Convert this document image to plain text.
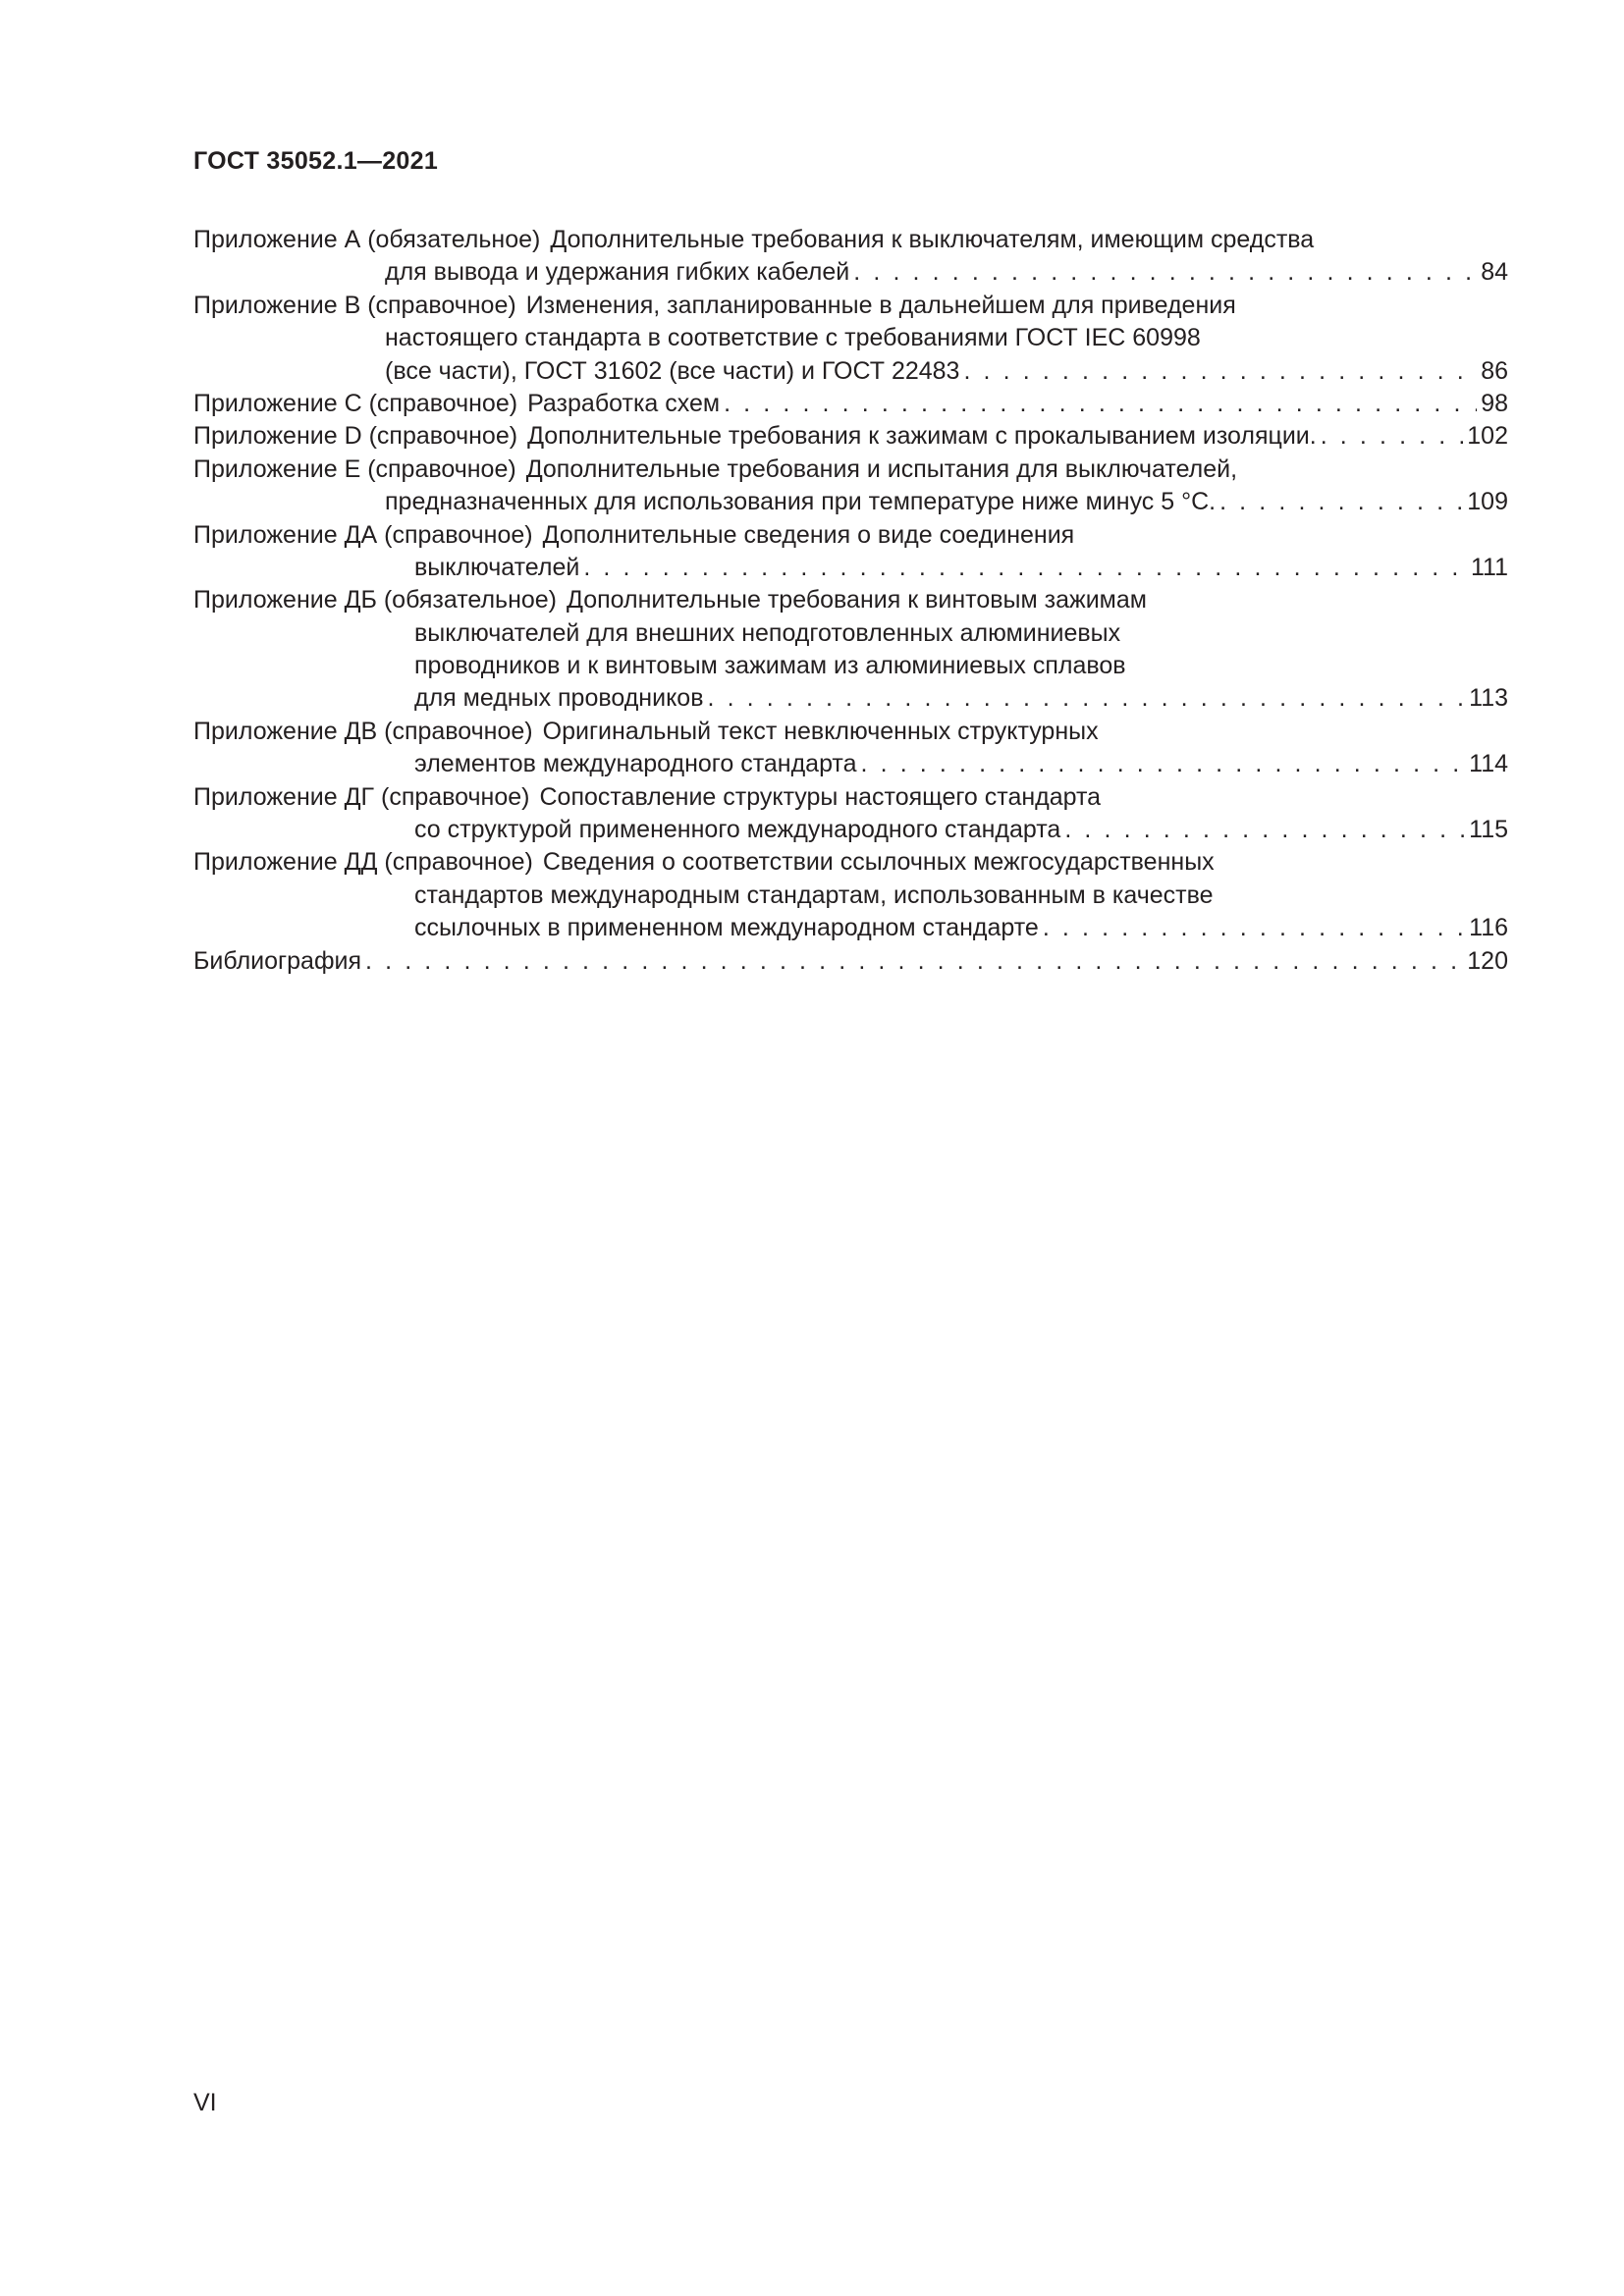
ГОСТ 35052.1—2021
Приложение А (обязательное) Дополнительные требования к выключателям, имеющим средства
для вывода и удержания гибких кабелей . . .	84
Приложение В (справочное) Изменения, запланированные в дальнейшем для приведения
настоящего стандарта в соответствие с требованиями ГОСТ IEC 60998
(все части), ГОСТ 31602 (все части) и ГОСТ 22483 . . .	86
Приложение С (справочное) Разработка схем . . .	98
Приложение D (справочное) Дополнительные требования к зажимам с прокалыванием изоляции. . . .	102
Приложение Е (справочное) Дополнительные требования и испытания для выключателей,
предназначенных для использования при температуре ниже минус 5 °С. . . .	109
Приложение ДА (справочное) Дополнительные сведения о виде соединения
выключателей . . .	111
Приложение ДБ (обязательное) Дополнительные требования к винтовым зажимам
выключателей для внешних неподготовленных алюминиевых
проводников и к винтовым зажимам из алюминиевых сплавов
для медных проводников . . .	113
Приложение ДВ (справочное) Оригинальный текст невключенных структурных
элементов международного стандарта . . .	114
Приложение ДГ (справочное) Сопоставление структуры настоящего стандарта
со структурой примененного международного стандарта . . .	115
Приложение ДД (справочное) Сведения о соответствии ссылочных межгосударственных
стандартов международным стандартам, использованным в качестве
ссылочных в примененном международном стандарте . . .	116
Библиография . . .	120
VI
